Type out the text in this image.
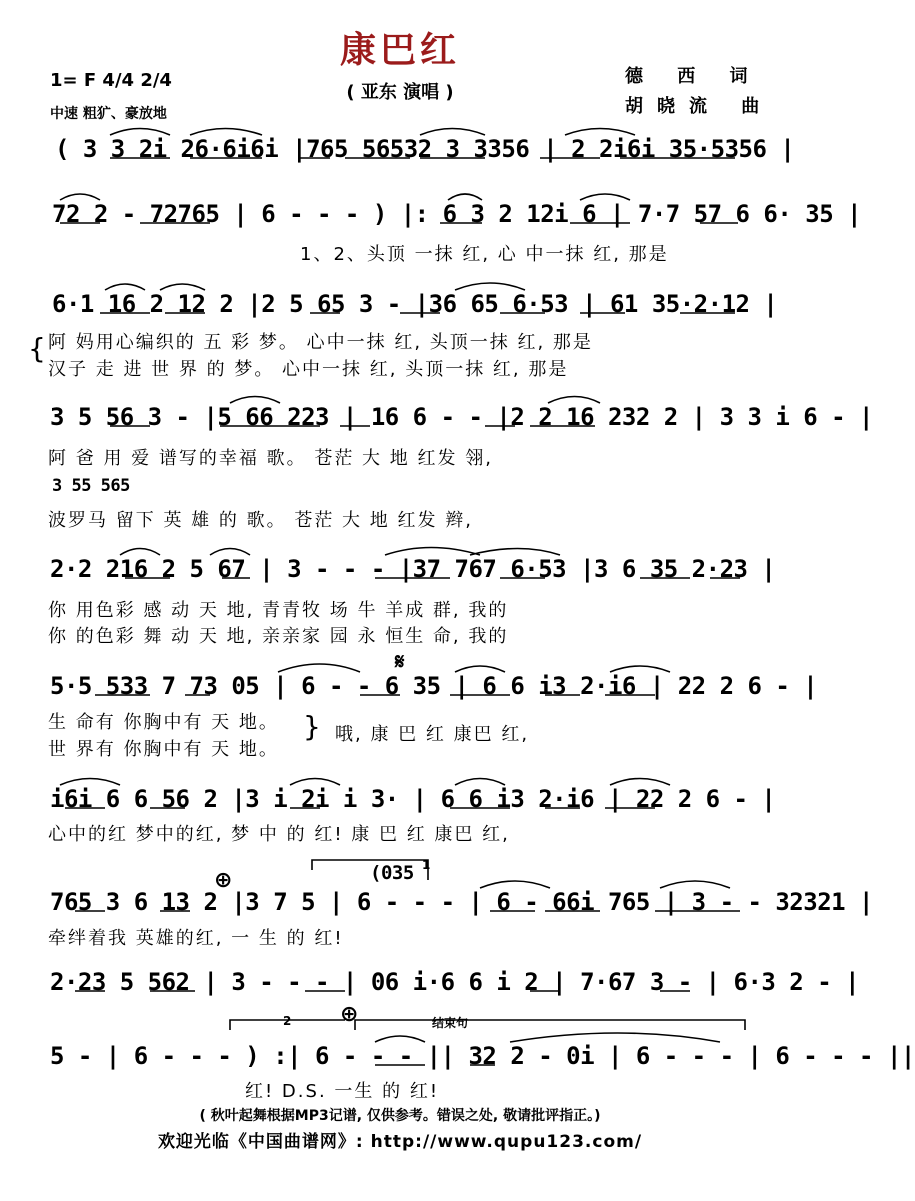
康巴红
( 亚东 演唱 )
1= F 4/4 2/4
中速 粗犷、豪放地
德 西 词
胡晓流 曲
( 3 3 2i 26·6i6i |765 56532 3 3356 | 2 2i6i 35·5356 |
72 2 - 72765 | 6 - - - ) |: 6 3 2 12i 6 | 7·7 57 6 6· 35 |
1、2、头顶 一抹 红, 心 中一抹 红, 那是
6·1 16 2 12 2 |2 5 65 3 - |36 65 6·53 | 61 35·2·12 |
{ 阿 妈用心编织的 五 彩 梦。 心中一抹 红, 头顶一抹 红, 那是
汉子 走 进 世 界 的 梦。 心中一抹 红, 头顶一抹 红, 那是
3 5 56 3 - |5 66 223 | 16 6 - - |2 2 16 232 2 | 3 3 i 6 - |
阿 爸 用 爱 谱写的幸福 歌。 苍茫 大 地 红发 翎,
3 55 565
波罗马 留下 英 雄 的 歌。 苍茫 大 地 红发 辫,
2·2 216 2 5 67 | 3 - - - |37 767 6·53 |3 6 35 2·23 |
你 用色彩 感 动 天 地, 青青牧 场 牛 羊成 群, 我的
你 的色彩 舞 动 天 地, 亲亲家 园 永 恒生 命, 我的
𝄋
5·5 533 7 73 05 | 6 - - 6 35 | 6 6 i3 2·i6 | 22 2 6 - |
生 命有 你胸中有 天 地。
世 界有 你胸中有 天 地。
} 哦, 康 巴 红 康巴 红,
i6i 6 6 56 2 |3 i 2i i 3· | 6 6 i3 2·i6 | 22 2 6 - |
心中的红 梦中的红, 梦 中 的 红! 康 巴 红 康巴 红,
⊕
1
(035
765 3 6 13 2 |3 7 5 | 6 - - - | 6 - 66i 765 | 3 - - 32321 |
牵绊着我 英雄的红, 一 生 的 红!
2·23 5 562 | 3 - - - | 06 i·6 6 i 2 | 7·67 3 - | 6·3 2 - |
2 ⊕	结束句
5 - | 6 - - - ) :| 6 - - - || 32 2 - 0i | 6 - - - | 6 - - - ||
红! D.S. 一生 的 红!
( 秋叶起舞根据MP3记谱, 仅供参考。错误之处, 敬请批评指正。)
欢迎光临《中国曲谱网》: http://www.qupu123.com/
